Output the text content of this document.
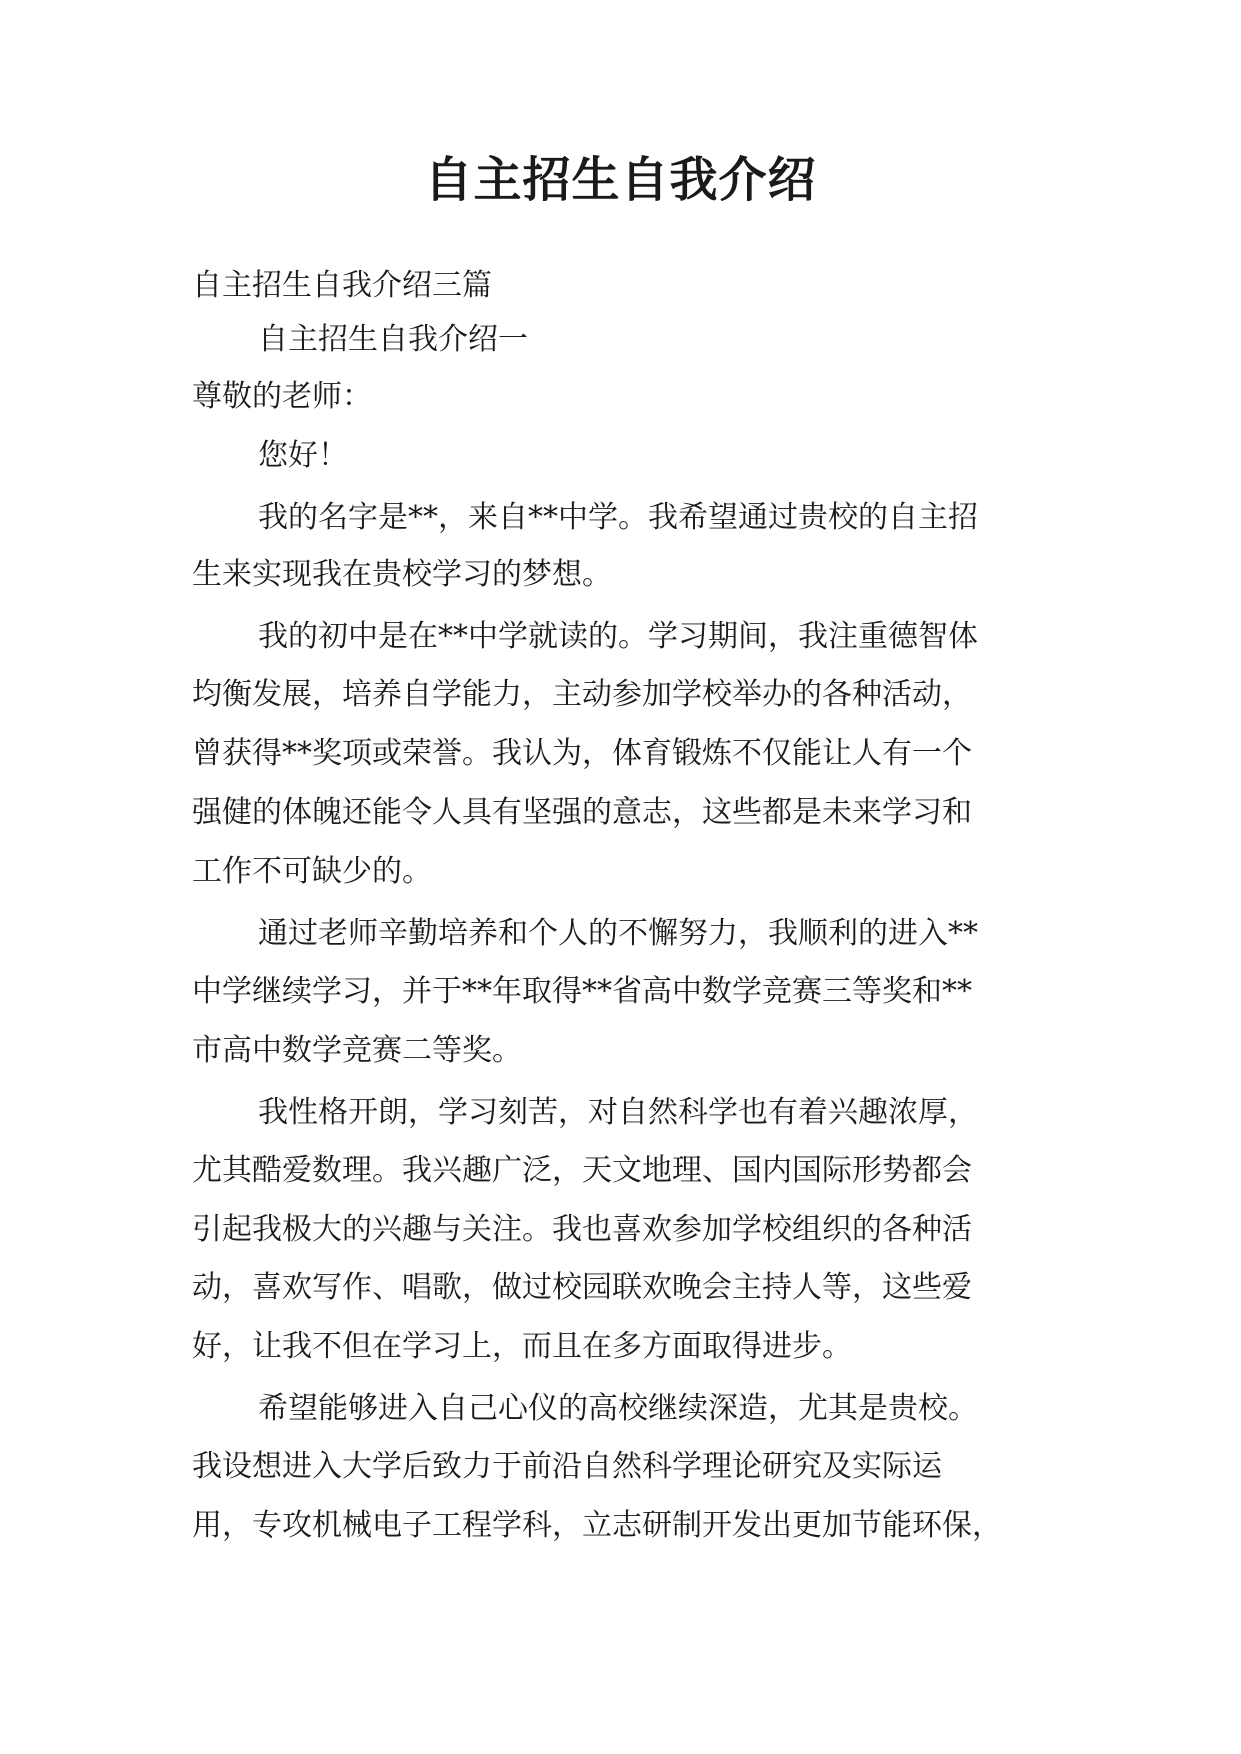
自主招生自我介绍
自主招生自我介绍三篇
自主招生自我介绍一
尊敬的老师：
您好！
我的名字是**，来自**中学。我希望通过贵校的自主招
生来实现我在贵校学习的梦想。
我的初中是在**中学就读的。学习期间，我注重德智体
均衡发展，培养自学能力，主动参加学校举办的各种活动，
曾获得**奖项或荣誉。我认为，体育锻炼不仅能让人有一个
强健的体魄还能令人具有坚强的意志，这些都是未来学习和
工作不可缺少的。
通过老师辛勤培养和个人的不懈努力，我顺利的进入**
中学继续学习，并于**年取得**省高中数学竞赛三等奖和**
市高中数学竞赛二等奖。
我性格开朗，学习刻苦，对自然科学也有着兴趣浓厚，
尤其酷爱数理。我兴趣广泛，天文地理、国内国际形势都会
引起我极大的兴趣与关注。我也喜欢参加学校组织的各种活
动，喜欢写作、唱歌，做过校园联欢晚会主持人等，这些爱
好，让我不但在学习上，而且在多方面取得进步。
希望能够进入自己心仪的高校继续深造，尤其是贵校。
我设想进入大学后致力于前沿自然科学理论研究及实际运
用，专攻机械电子工程学科，立志研制开发出更加节能环保，
